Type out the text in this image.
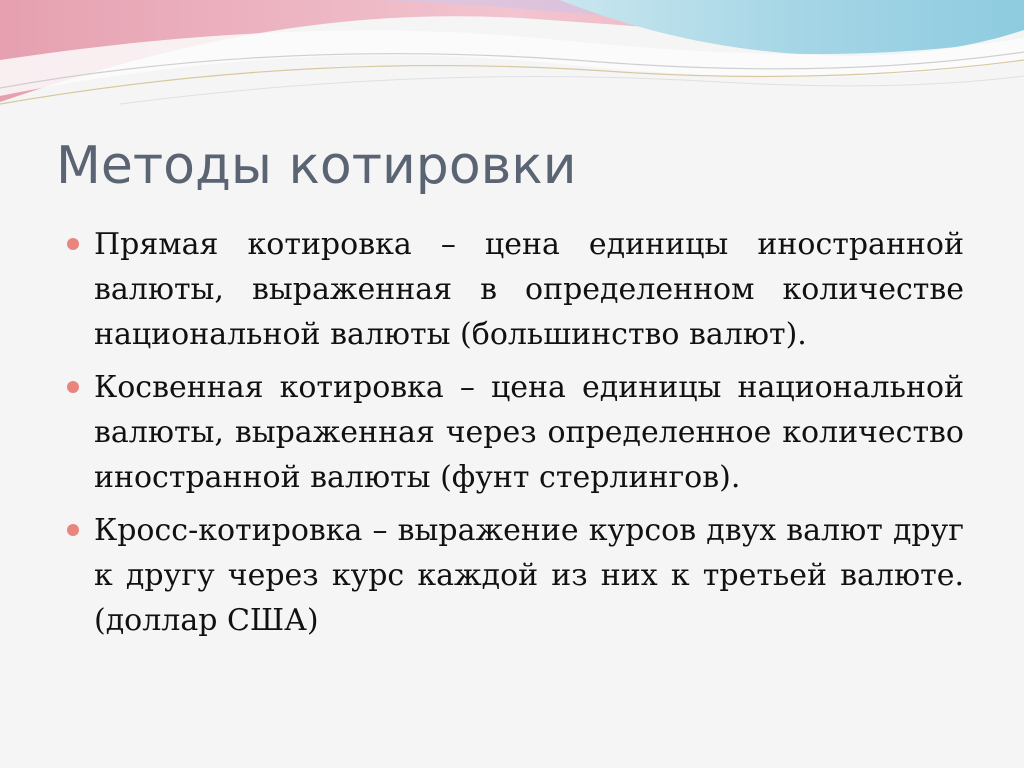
Методы котировки
Прямая котировка – цена единицы иностранной валюты, выраженная в определенном количестве национальной валюты (большинство валют).
Косвенная котировка – цена единицы национальной валюты, выраженная через определенное количество иностранной валюты (фунт стерлингов).
Кросс-котировка – выражение курсов двух валют друг к другу через курс каждой из них к третьей валюте. (доллар США)
